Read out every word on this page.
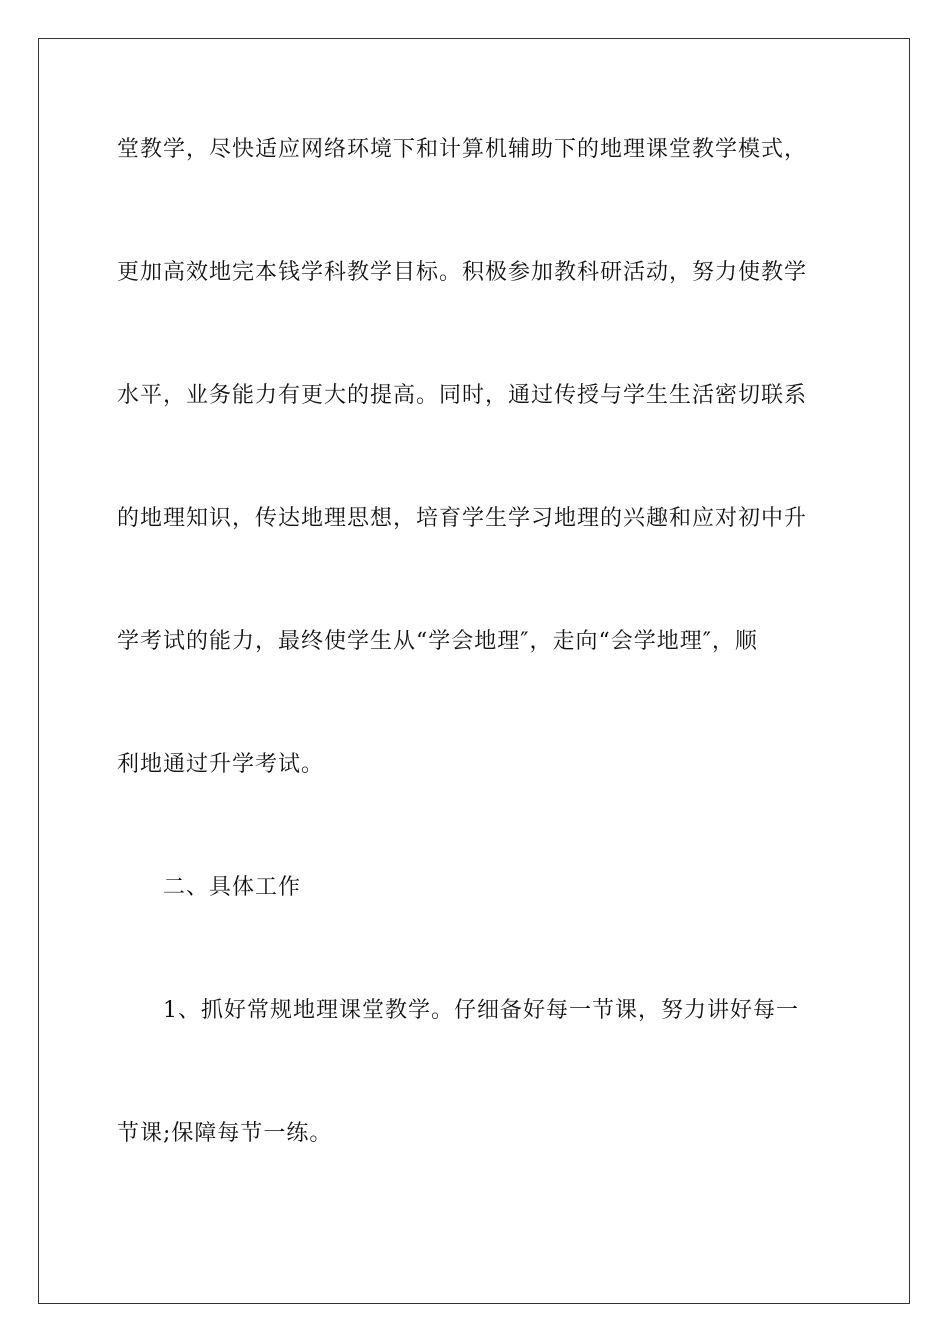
堂教学，尽快适应网络环境下和计算机辅助下的地理课堂教学模式，
更加高效地完本钱学科教学目标。积极参加教科研活动，努力使教学
水平，业务能力有更大的提高。同时，通过传授与学生生活密切联系
的地理知识，传达地理思想，培育学生学习地理的兴趣和应对初中升
学考试的能力，最终使学生从“学会地理″，走向“会学地理″，顺
利地通过升学考试。
二、具体工作
1、抓好常规地理课堂教学。仔细备好每一节课，努力讲好每一
节课;保障每节一练。
